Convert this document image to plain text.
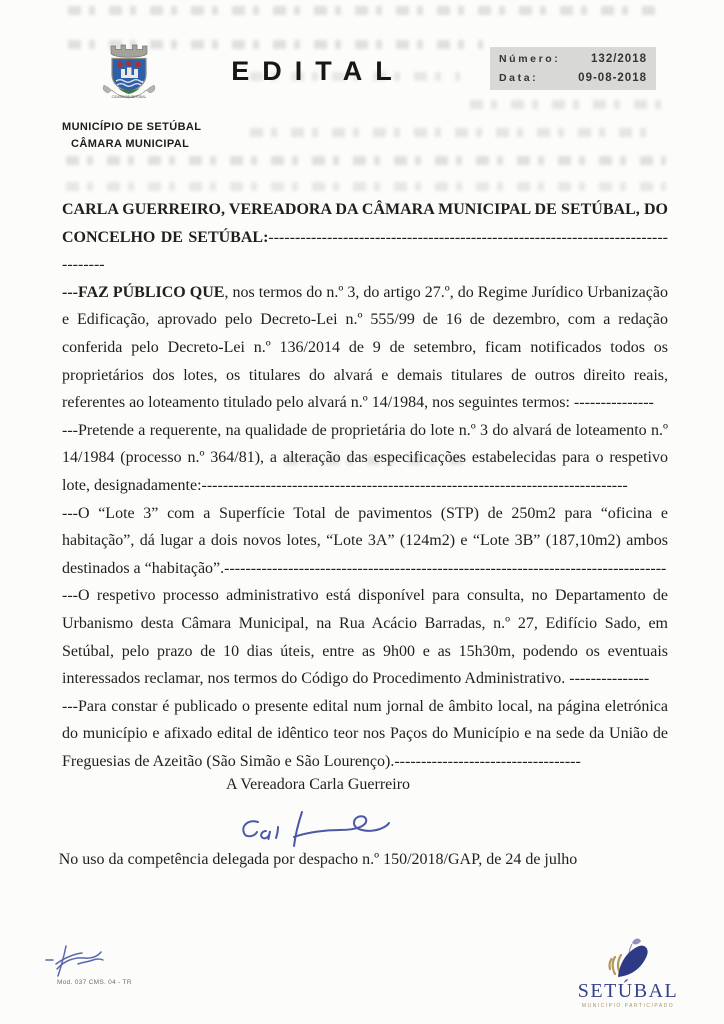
CIDADE DE SETÚBAL
EDITAL	Número:	132/2018
Data:	09-08-2018
MUNICÍPIO DE SETÚBAL
CÂMARA MUNICIPAL

CARLA GUERREIRO, VEREADORA DA CÂMARA MUNICIPAL DE SETÚBAL, DO CONCELHO DE SETÚBAL:-----------------------------------------------------------------------------------

---FAZ PÚBLICO QUE, nos termos do n.º 3, do artigo 27.º, do Regime Jurídico Urbanização e Edificação, aprovado pelo Decreto-Lei n.º 555/99 de 16 de dezembro, com a redação conferida pelo Decreto-Lei n.º 136/2014 de 9 de setembro, ficam notificados todos os proprietários dos lotes, os titulares do alvará e demais titulares de outros direito reais, referentes ao loteamento titulado pelo alvará n.º 14/1984, nos seguintes termos: ---------------

---Pretende a requerente, na qualidade de proprietária do lote n.º 3 do alvará de loteamento n.º 14/1984 (processo n.º 364/81), a alteração das especificações estabelecidas para o respetivo lote, designadamente:--------------------------------------------------------------------------------

---O “Lote 3” com a Superfície Total de pavimentos (STP) de 250m2 para “oficina e habitação”, dá lugar a dois novos lotes, “Lote 3A” (124m2) e “Lote 3B” (187,10m2) ambos destinados a “habitação”.-----------------------------------------------------------------------------------

---O respetivo processo administrativo está disponível para consulta, no Departamento de Urbanismo desta Câmara Municipal, na Rua Acácio Barradas, n.º 27, Edifício Sado, em Setúbal, pelo prazo de 10 dias úteis, entre as 9h00 e as 15h30m, podendo os eventuais interessados reclamar, nos termos do Código do Procedimento Administrativo. ---------------

---Para constar é publicado o presente edital num jornal de âmbito local, na página eletrónica do município e afixado edital de idêntico teor nos Paços do Município e na sede da União de Freguesias de Azeitão (São Simão e São Lourenço).-----------------------------------

A Vereadora Carla Guerreiro
No uso da competência delegada por despacho n.º 150/2018/GAP, de 24 de julho
Mod. 037 CMS. 04 - TR	SETÚBAL
MUNICÍPIO PARTICIPADO
